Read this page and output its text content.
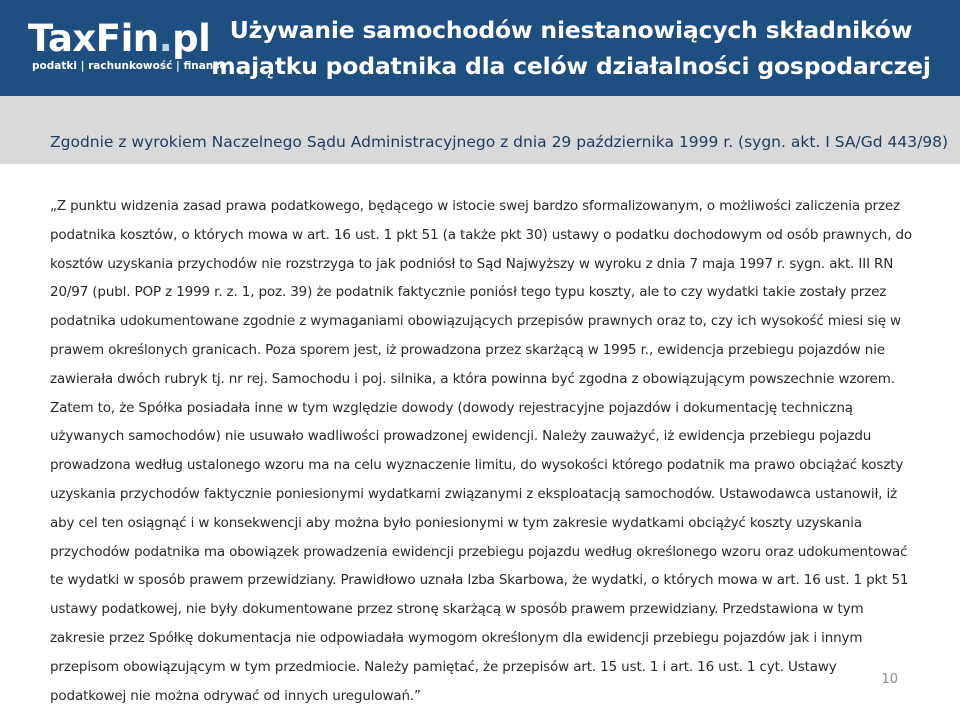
TaxFin.pl
podatki | rachunkowość | finanse
Używanie samochodów niestanowiących składników
majątku podatnika dla celów działalności gospodarczej
Zgodnie z wyrokiem Naczelnego Sądu Administracyjnego z dnia 29 października 1999 r. (sygn. akt. I SA/Gd 443/98)
„Z punktu widzenia zasad prawa podatkowego, będącego w istocie swej bardzo sformalizowanym, o możliwości zaliczenia przez podatnika kosztów, o których mowa w art. 16 ust. 1 pkt 51 (a także pkt 30) ustawy o podatku dochodowym od osób prawnych, do kosztów uzyskania przychodów nie rozstrzyga to jak podniósł to Sąd Najwyższy w wyroku z dnia 7 maja 1997 r. sygn. akt. III RN 20/97 (publ. POP z 1999 r. z. 1, poz. 39) że podatnik faktycznie poniósł tego typu koszty, ale to czy wydatki takie zostały przez podatnika udokumentowane zgodnie z wymaganiami obowiązujących przepisów prawnych oraz to, czy ich wysokość miesi się w prawem określonych granicach. Poza sporem jest, iż prowadzona przez skarżącą w 1995 r., ewidencja przebiegu pojazdów nie zawierała dwóch rubryk tj. nr rej. Samochodu i poj. silnika, a która powinna być zgodna z obowiązującym powszechnie wzorem. Zatem to, że Spółka posiadała inne w tym względzie dowody (dowody rejestracyjne pojazdów i dokumentację techniczną używanych samochodów) nie usuwało wadliwości prowadzonej ewidencji. Należy zauważyć, iż ewidencja przebiegu pojazdu prowadzona według ustalonego wzoru ma na celu wyznaczenie limitu, do wysokości którego podatnik ma prawo obciążać koszty uzyskania przychodów faktycznie poniesionymi wydatkami związanymi z eksploatacją samochodów. Ustawodawca ustanowił, iż aby cel ten osiągnąć i w konsekwencji aby można było poniesionymi w tym zakresie wydatkami obciążyć koszty uzyskania przychodów podatnika ma obowiązek prowadzenia ewidencji przebiegu pojazdu według określonego wzoru oraz udokumentować te wydatki w sposób prawem przewidziany. Prawidłowo uznała Izba Skarbowa, że wydatki, o których mowa w art. 16 ust. 1 pkt 51 ustawy podatkowej, nie były dokumentowane przez stronę skarżącą w sposób prawem przewidziany. Przedstawiona w tym zakresie przez Spółkę dokumentacja nie odpowiadała wymogom określonym dla ewidencji przebiegu pojazdów jak i innym przepisom obowiązującym w tym przedmiocie. Należy pamiętać, że przepisów art. 15 ust. 1 i art. 16 ust. 1 cyt. Ustawy podatkowej nie można odrywać od innych uregulowań.”
10
